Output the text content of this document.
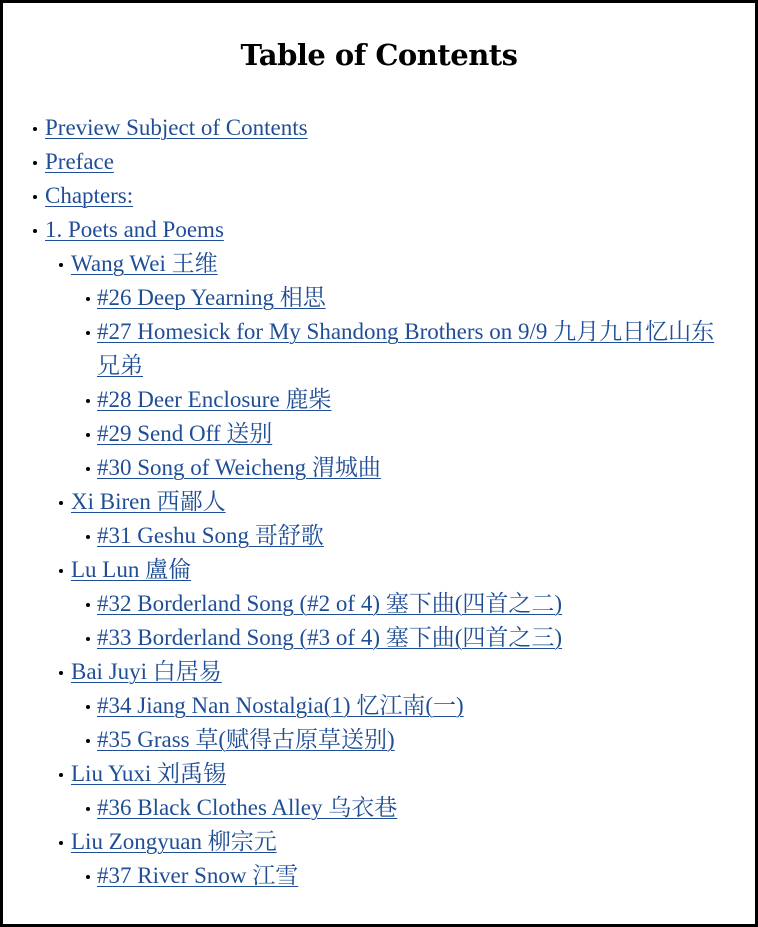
Table of Contents
Preview Subject of Contents
Preface
Chapters:
1. Poets and Poems
Wang Wei 王维
#26 Deep Yearning 相思
#27 Homesick for My Shandong Brothers on 9/9 九月九日忆山东兄弟
#28 Deer Enclosure 鹿柴
#29 Send Off 送别
#30 Song of Weicheng 渭城曲
Xi Biren 西鄙人
#31 Geshu Song 哥舒歌
Lu Lun 盧倫
#32 Borderland Song (#2 of 4) 塞下曲(四首之二)
#33 Borderland Song (#3 of 4) 塞下曲(四首之三)
Bai Juyi 白居易
#34 Jiang Nan Nostalgia(1) 忆江南(一)
#35 Grass 草(赋得古原草送别)
Liu Yuxi 刘禹锡
#36 Black Clothes Alley 乌衣巷
Liu Zongyuan 柳宗元
#37 River Snow 江雪
